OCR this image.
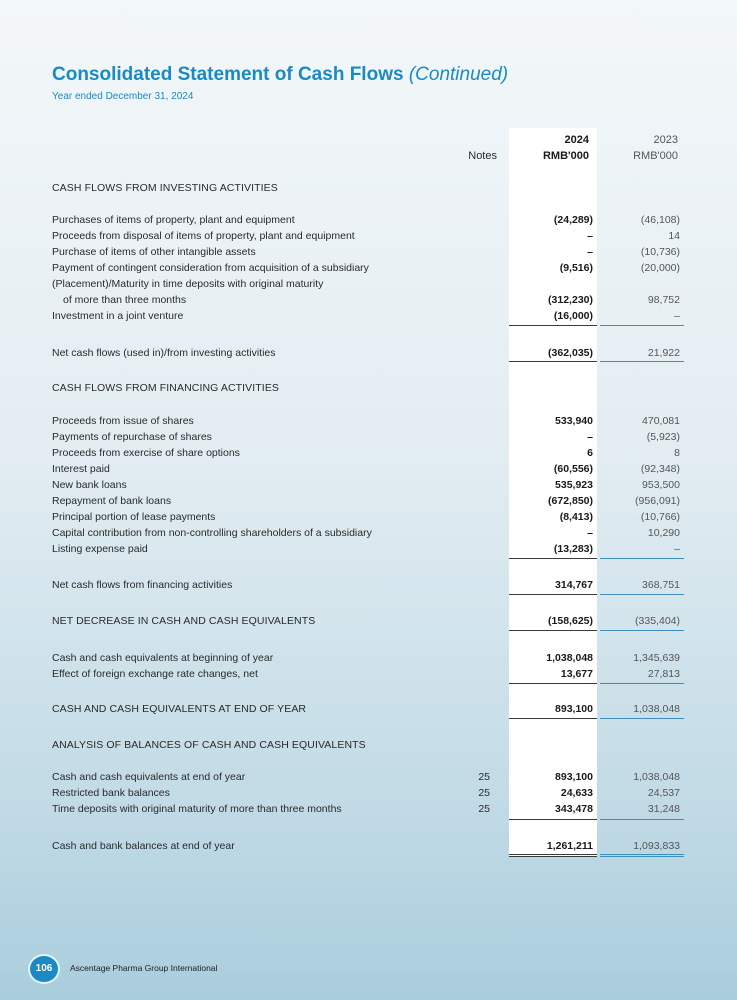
Consolidated Statement of Cash Flows (Continued)
Year ended December 31, 2024
Notes
2024
RMB'000
2023
RMB'000
CASH FLOWS FROM INVESTING ACTIVITIES
Purchases of items of property, plant and equipment	(24,289)	(46,108)
Proceeds from disposal of items of property, plant and equipment	–	14
Purchase of items of other intangible assets	–	(10,736)
Payment of contingent consideration from acquisition of a subsidiary	(9,516)	(20,000)
(Placement)/Maturity in time deposits with original maturity
of more than three months	(312,230)	98,752
Investment in a joint venture	(16,000)	–
Net cash flows (used in)/from investing activities	(362,035)	21,922
CASH FLOWS FROM FINANCING ACTIVITIES
Proceeds from issue of shares	533,940	470,081
Payments of repurchase of shares	–	(5,923)
Proceeds from exercise of share options	6	8
Interest paid	(60,556)	(92,348)
New bank loans	535,923	953,500
Repayment of bank loans	(672,850)	(956,091)
Principal portion of lease payments	(8,413)	(10,766)
Capital contribution from non-controlling shareholders of a subsidiary	–	10,290
Listing expense paid	(13,283)	–
Net cash flows from financing activities	314,767	368,751
NET DECREASE IN CASH AND CASH EQUIVALENTS	(158,625)	(335,404)
Cash and cash equivalents at beginning of year	1,038,048	1,345,639
Effect of foreign exchange rate changes, net	13,677	27,813
CASH AND CASH EQUIVALENTS AT END OF YEAR	893,100	1,038,048
ANALYSIS OF BALANCES OF CASH AND CASH EQUIVALENTS
Cash and cash equivalents at end of year	25	893,100	1,038,048
Restricted bank balances	25	24,633	24,537
Time deposits with original maturity of more than three months	25	343,478	31,248
Cash and bank balances at end of year	1,261,211	1,093,833
106	Ascentage Pharma Group International
